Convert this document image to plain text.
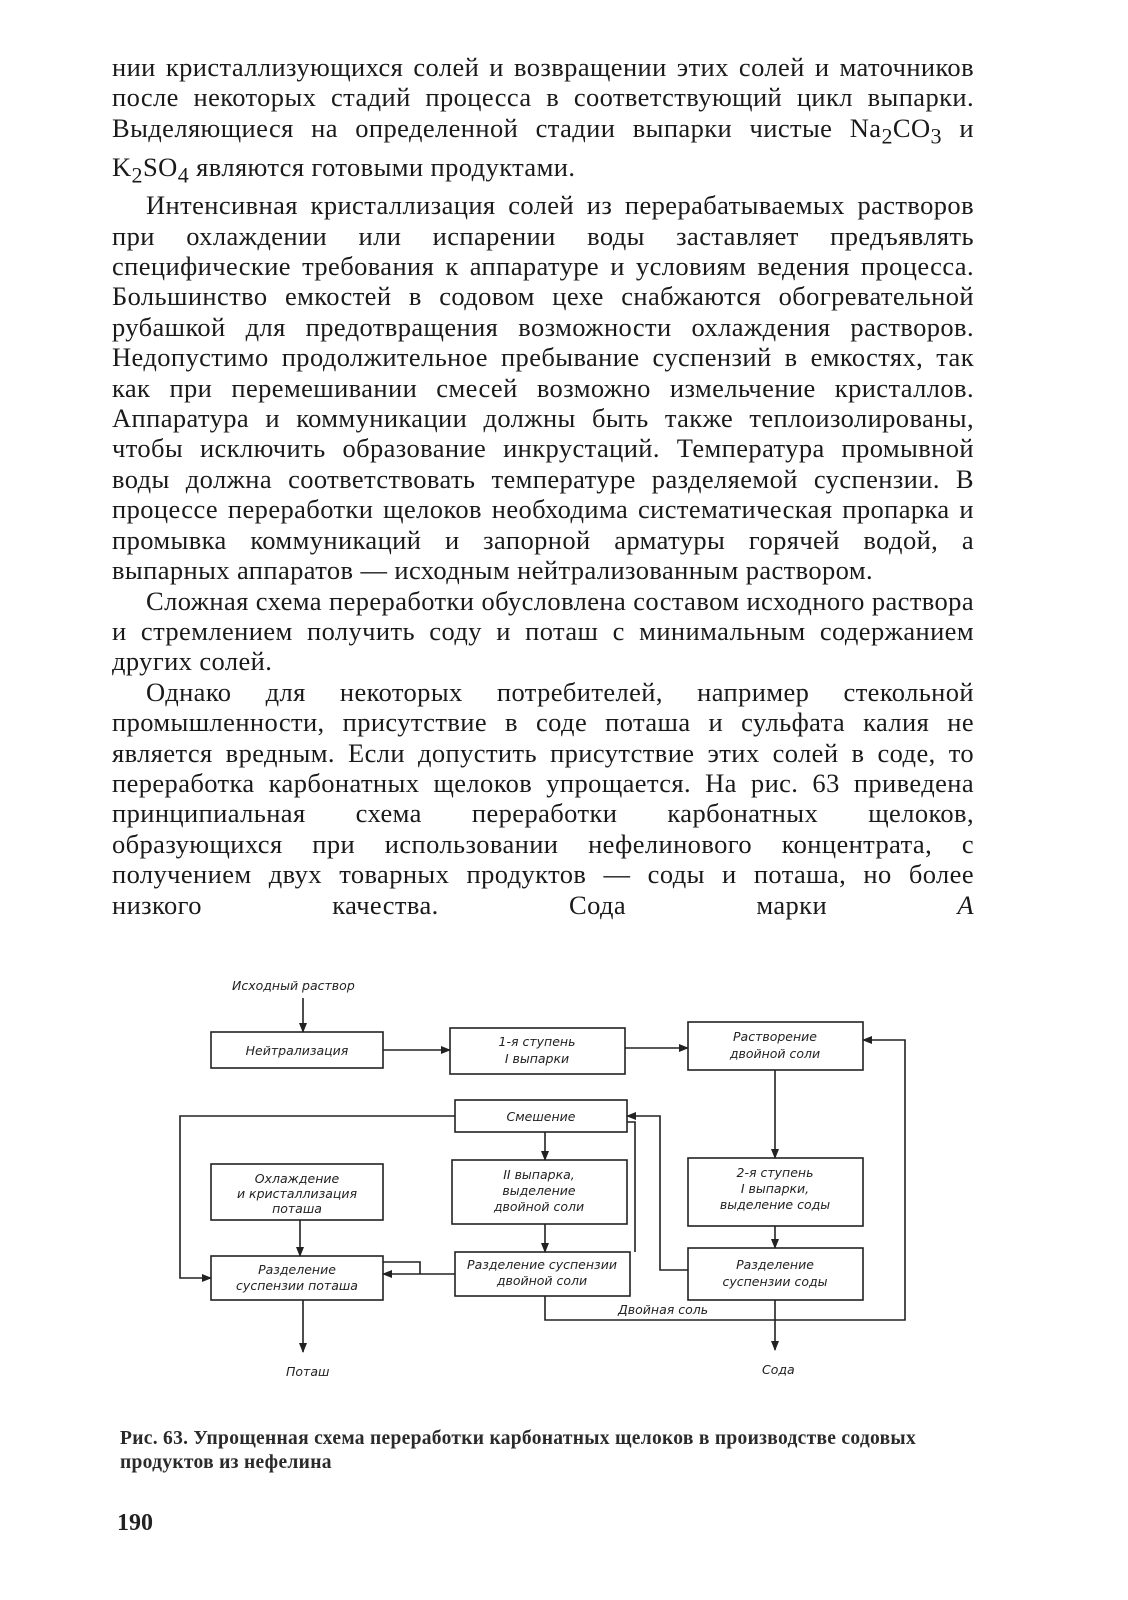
нии кристаллизующихся солей и возвращении этих солей и маточников после некоторых стадий процесса в соответствующий цикл выпарки. Выделяющиеся на определенной стадии выпарки чистые $Na_2CO_3$ и $K_2SO_4$ являются готовыми продуктами.

Интенсивная кристаллизация солей из перерабатываемых растворов при охлаждении или испарении воды заставляет предъявлять специфические требования к аппаратуре и условиям ведения процесса. Большинство емкостей в содовом цехе снабжаются обогревательной рубашкой для предотвращения возможности охлаждения растворов. Недопустимо продолжительное пребывание суспензий в емкостях, так как при перемешивании смесей возможно измельчение кристаллов. Аппаратура и коммуникации должны быть также теплоизолированы, чтобы исключить образование инкрустаций. Температура промывной воды должна соответствовать температуре разделяемой суспензии. В процессе переработки щелоков необходима систематическая пропарка и промывка коммуникаций и запорной арматуры горячей водой, а выпарных аппаратов — исходным нейтрализованным раствором.

Сложная схема переработки обусловлена составом исходного раствора и стремлением получить соду и поташ с минимальным содержанием других солей.

Однако для некоторых потребителей, например стекольной промышленности, присутствие в соде поташа и сульфата калия не является вредным. Если допустить присутствие этих солей в соде, то переработка карбонатных щелоков упрощается. На рис. 63 приведена принципиальная схема переработки карбонатных щелоков, образующихся при использовании нефелинового концентрата, с получением двух товарных продуктов — соды и поташа, но более низкого качества. Сода марки А

Исходный раствор
Нейтрализация
1-я ступень
I выпарки
Растворение
двойной соли
Смешение
Охлаждение
и кристаллизация
поташа
II выпарка,
выделение
двойной соли
2-я ступень
I выпарки,
выделение соды
Разделение
суспензии поташа
Разделение суспензии
двойной соли
Разделение
суспензии соды
Двойная соль
Поташ	Сода
Рис. 63. Упрощенная схема переработки карбонатных щелоков в производстве содовых продуктов из нефелина
190
